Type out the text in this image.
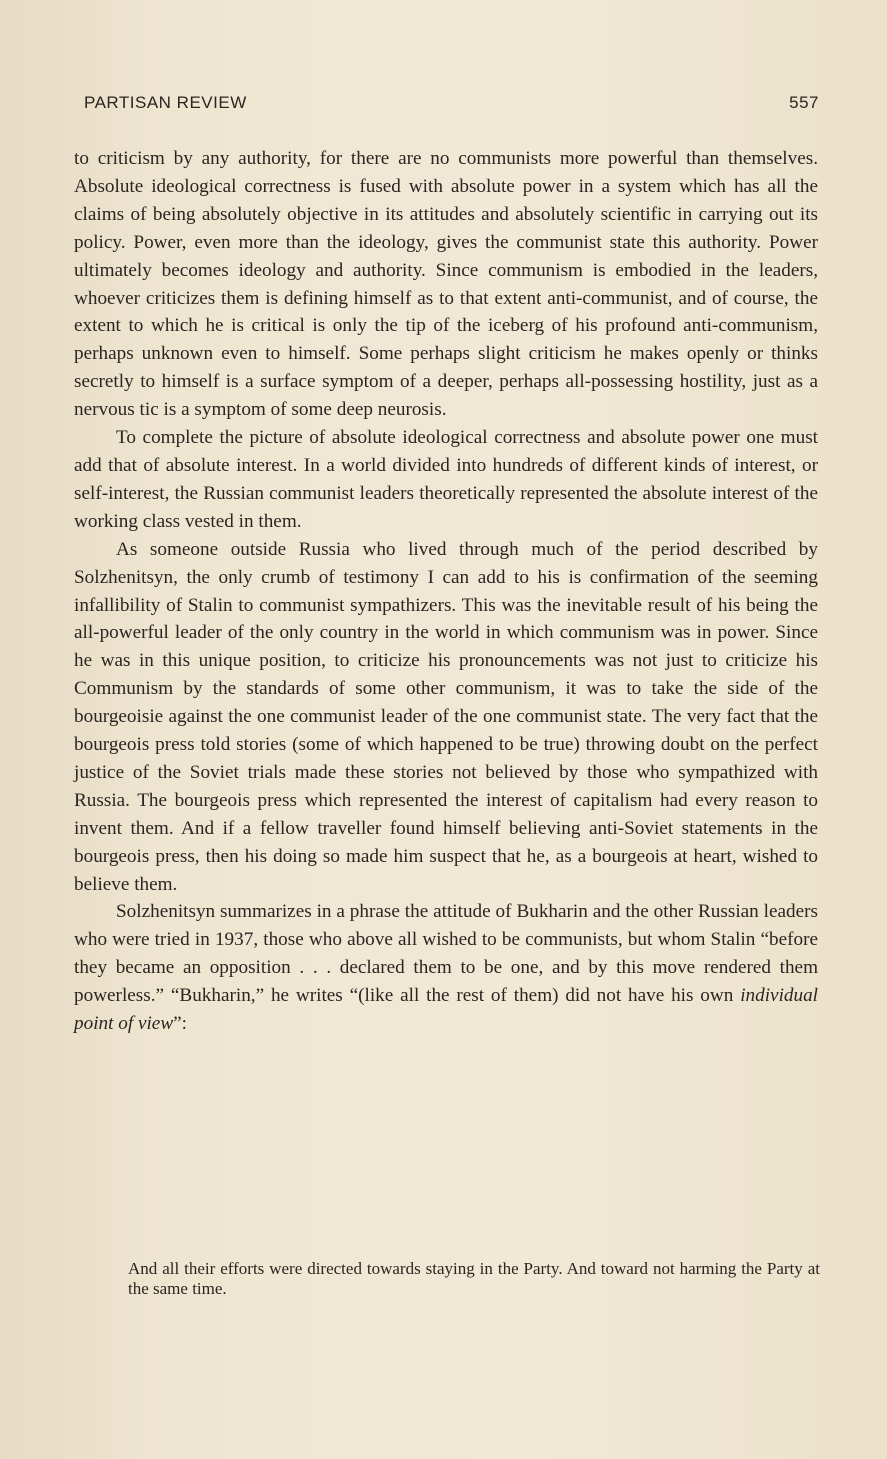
PARTISAN REVIEW	557

to criticism by any authority, for there are no communists more powerful than themselves. Absolute ideological correctness is fused with absolute power in a system which has all the claims of being absolutely objective in its attitudes and absolutely scientific in carrying out its policy. Power, even more than the ideology, gives the communist state this authority. Power ultimately becomes ideology and authority. Since communism is embodied in the leaders, whoever criticizes them is defining himself as to that extent anti-communist, and of course, the extent to which he is critical is only the tip of the iceberg of his profound anti-communism, perhaps unknown even to himself. Some perhaps slight criticism he makes openly or thinks secretly to himself is a surface symptom of a deeper, perhaps all-possessing hostility, just as a nervous tic is a symptom of some deep neurosis.

To complete the picture of absolute ideological correctness and absolute power one must add that of absolute interest. In a world divided into hundreds of different kinds of interest, or self-interest, the Russian communist leaders theoretically represented the absolute interest of the working class vested in them.

As someone outside Russia who lived through much of the period described by Solzhenitsyn, the only crumb of testimony I can add to his is confirmation of the seeming infallibility of Stalin to communist sympathizers. This was the inevitable result of his being the all-powerful leader of the only country in the world in which communism was in power. Since he was in this unique position, to criticize his pronouncements was not just to criticize his Communism by the standards of some other communism, it was to take the side of the bourgeoisie against the one communist leader of the one communist state. The very fact that the bourgeois press told stories (some of which happened to be true) throwing doubt on the perfect justice of the Soviet trials made these stories not believed by those who sympathized with Russia. The bourgeois press which represented the interest of capitalism had every reason to invent them. And if a fellow traveller found himself believing anti-Soviet statements in the bourgeois press, then his doing so made him suspect that he, as a bourgeois at heart, wished to believe them.

Solzhenitsyn summarizes in a phrase the attitude of Bukharin and the other Russian leaders who were tried in 1937, those who above all wished to be communists, but whom Stalin “before they became an opposition . . . declared them to be one, and by this move rendered them powerless.” “Bukharin,” he writes “(like all the rest of them) did not have his own individual point of view”:

And all their efforts were directed towards staying in the Party. And toward not harming the Party at the same time.
